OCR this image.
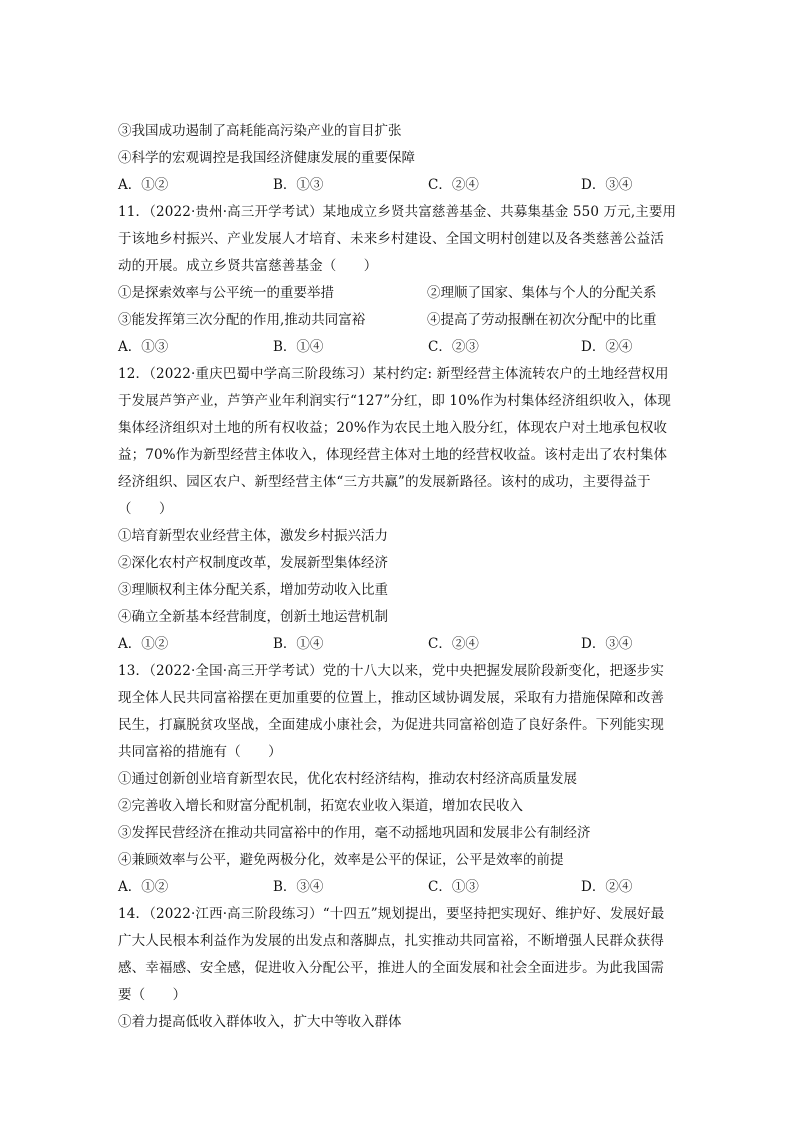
③我国成功遏制了高耗能高污染产业的盲目扩张
④科学的宏观调控是我国经济健康发展的重要保障
A．①②	B．①③	C．②④	D．③④
11．（2022·贵州·高三开学考试）某地成立乡贤共富慈善基金、共募集基金 550 万元,主要用
于该地乡村振兴、产业发展人才培育、未来乡村建设、全国文明村创建以及各类慈善公益活
动的开展。成立乡贤共富慈善基金（　　）
①是探索效率与公平统一的重要举措	②理顺了国家、集体与个人的分配关系
③能发挥第三次分配的作用,推动共同富裕	④提高了劳动报酬在初次分配中的比重
A．①③	B．①④	C．②③	D．②④
12．（2022·重庆巴蜀中学高三阶段练习）某村约定: 新型经营主体流转农户的土地经营权用
于发展芦笋产业，芦笋产业年利润实行“127”分红，即 10%作为村集体经济组织收入，体现
集体经济组织对土地的所有权收益；20%作为农民土地入股分红，体现农户对土地承包权收
益；70%作为新型经营主体收入，体现经营主体对土地的经营权收益。该村走出了农村集体
经济组织、园区农户、新型经营主体“三方共赢”的发展新路径。该村的成功，主要得益于
（　　）
①培育新型农业经营主体，激发乡村振兴活力
②深化农村产权制度改革，发展新型集体经济
③理顺权利主体分配关系，增加劳动收入比重
④确立全新基本经营制度，创新土地运营机制
A．①②	B．①④	C．②④	D．③④
13．（2022·全国·高三开学考试）党的十八大以来，党中央把握发展阶段新变化，把逐步实
现全体人民共同富裕摆在更加重要的位置上，推动区域协调发展，采取有力措施保障和改善
民生，打赢脱贫攻坚战，全面建成小康社会，为促进共同富裕创造了良好条件。下列能实现
共同富裕的措施有（　　）
①通过创新创业培育新型农民，优化农村经济结构，推动农村经济高质量发展
②完善收入增长和财富分配机制，拓宽农业收入渠道，增加农民收入
③发挥民营经济在推动共同富裕中的作用，毫不动摇地巩固和发展非公有制经济
④兼顾效率与公平，避免两极分化，效率是公平的保证，公平是效率的前提
A．①②	B．③④	C．①③	D．②④
14．（2022·江西·高三阶段练习）“十四五”规划提出，要坚持把实现好、维护好、发展好最
广大人民根本利益作为发展的出发点和落脚点，扎实推动共同富裕，不断增强人民群众获得
感、幸福感、安全感，促进收入分配公平，推进人的全面发展和社会全面进步。为此我国需
要（　　）
①着力提高低收入群体收入，扩大中等收入群体
